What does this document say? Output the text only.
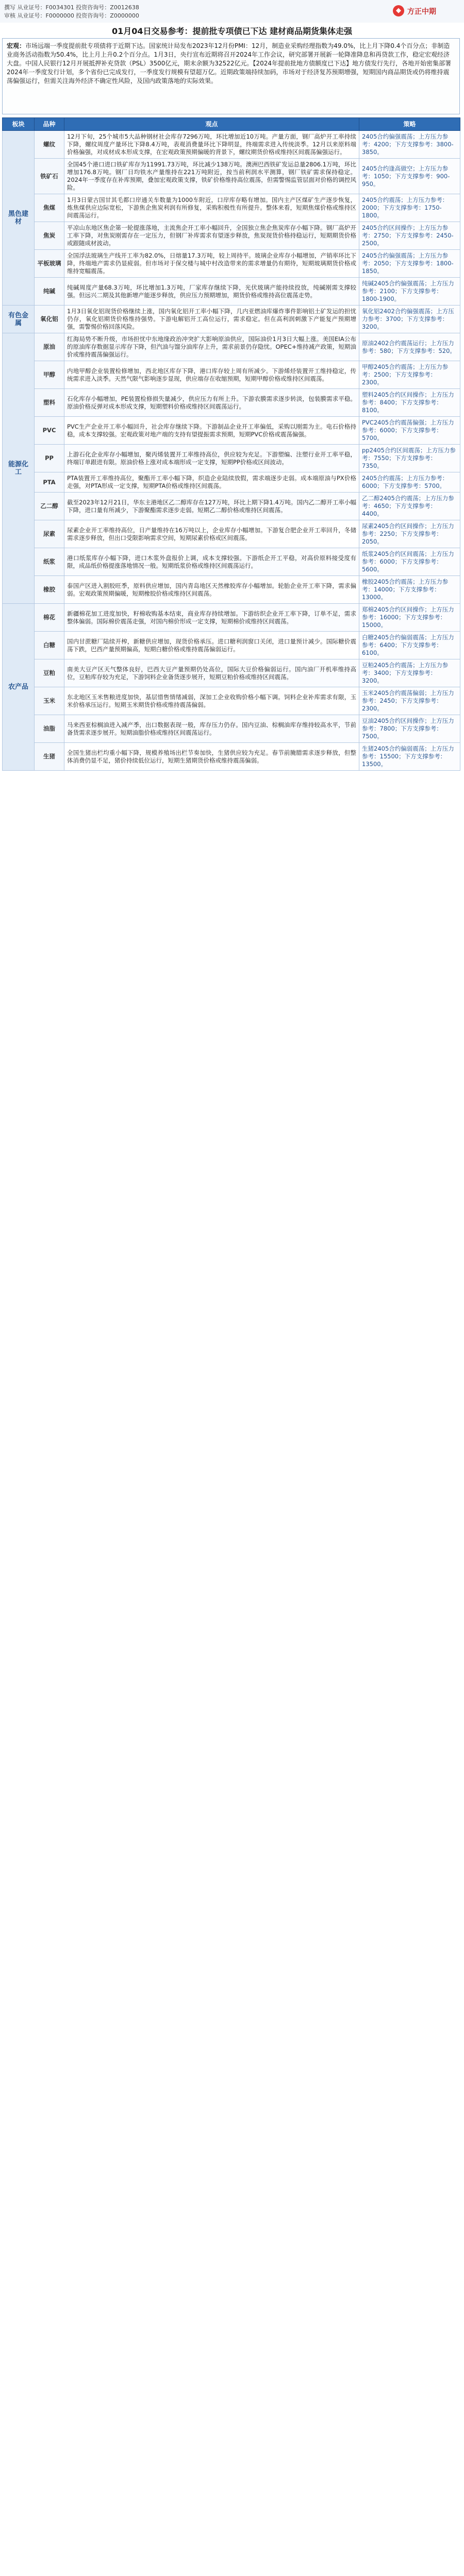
撰写 从业证号：F0034301 投资咨询号：Z0012638
审核 从业证号：F0000000 投资咨询号：Z0000000
◆ 方正中期
01月04日交易参考：提前批专项债已下达 建材商品期货集体走强
宏观：市场远端一季度提前批专项债将于近期下达。国家统计局发布2023年12月份PMI：12月，制造业采购经理指数为49.0%，比上月下降0.4个百分点；非制造业商务活动指数为50.4%，比上月上升0.2个百分点。1月3日，央行宣布近期将召开2024年工作会议，研究部署开展新一轮降准降息和再贷款工作，稳定宏观经济大盘。中国人民银行12月开展抵押补充贷款（PSL）3500亿元，期末余额为32522亿元。【2024年提前批地方债额度已下达】地方债发行先行，各地开始密集部署2024年一季度发行计划，多个省份已完成发行，一季度发行规模有望超万亿。近期政策端持续加码，市场对于经济复苏预期增强，短期国内商品期货或仍将维持震荡偏强运行，但需关注海外经济不确定性风险，及国内政策落地的实际效果。
板块	品种	观点	策略
黑色建材	螺纹	12月下旬，25个城市5大品种钢材社会库存7296万吨，环比增加近10万吨。产量方面，钢厂高炉开工率持续下降，螺纹周度产量环比下降8.4万吨，表观消费量环比下降明显，终端需求进入传统淡季。12月以来原料端价格偏强，对成材成本形成支撑，在宏观政策预期偏暖的背景下，螺纹期货价格或维持区间震荡偏强运行。	2405合约偏强震荡；上方压力参考：4200；下方支撑参考：3800-3850。
	铁矿石	全国45个港口进口铁矿库存为11991.73万吨，环比减少138万吨。澳洲巴西铁矿发运总量2806.1万吨，环比增加176.8万吨。钢厂日均铁水产量维持在221万吨附近，按当前利润水平测算，钢厂铁矿需求保持稳定。2024年一季度存在补库预期，叠加宏观政策支撑，铁矿价格维持高位震荡，但需警惕监管层面对价格的调控风险。	2405合约逢高做空；上方压力参考：1050；下方支撑参考：900-950。
	焦煤	1月3日蒙古国甘其毛都口岸通关车数量为1000车附近，口岸库存略有增加。国内主产区煤矿生产逐步恢复，炼焦煤供应边际宽松，下游焦企焦炭利润有所修复，采购积极性有所提升。整体来看，短期焦煤价格或维持区间震荡运行。	2405合约震荡；上方压力参考：2000；下方支撑参考：1750-1800。
	焦炭	平凉山东地区焦企第一轮提涨落地，主流焦企开工率小幅回升，全国独立焦企焦炭库存小幅下降。钢厂高炉开工率下降，对焦炭刚需存在一定压力，但钢厂补库需求有望逐步释放，焦炭现货价格持稳运行，短期期货价格或跟随成材波动。	2405合约区间操作；上方压力参考：2750；下方支撑参考：2450-2500。
	平板玻璃	全国浮法玻璃生产线开工率为82.0%，日熔量17.3万吨，较上周持平。玻璃企业库存小幅增加，产销率环比下降，终端地产需求仍显疲弱。但市场对于保交楼与城中村改造带来的需求增量仍有期待，短期玻璃期货价格或维持宽幅震荡。	2405合约偏强震荡；上方压力参考：2050；下方支撑参考：1800-1850。
	纯碱	纯碱周度产量68.3万吨，环比增加1.3万吨，厂家库存继续下降，光伏玻璃产能持续投放，纯碱刚需支撑较强。但远兴二期及其他新增产能逐步释放，供应压力预期增加，期货价格或维持高位震荡走势。	纯碱2405合约偏强震荡；上方压力参考：2100；下方支撑参考：1800-1900。
有色金属	氧化铝	1月3日氧化铝现货价格继续上涨，国内氧化铝开工率小幅下降，几内亚燃油库爆炸事件影响铝土矿发运的担忧仍存，氧化铝期货价格维持强势。下游电解铝开工高位运行，需求稳定。但在高利润刺激下产能复产预期增强，需警惕价格回落风险。	氧化铝2402合约偏强震荡；上方压力参考：3700；下方支撑参考：3200。
能源化工	原油	红海局势不断升级，市场担忧中东地缘政治冲突扩大影响原油供应，国际油价1月3日大幅上涨。美国EIA公布的原油库存数据显示库存下降，但汽油与馏分油库存上升，需求前景仍存隐忧。OPEC+维持减产政策，短期油价或维持震荡偏强运行。	原油2402合约震荡运行；上方压力参考：580；下方支撑参考：520。
	甲醇	内地甲醇企业装置检修增加，西北地区库存下降，港口库存较上周有所减少。下游烯烃装置开工维持稳定，传统需求进入淡季。天然气限气影响逐步显现，供应端存在收缩预期，短期甲醇价格或维持区间震荡。	甲醇2405合约震荡；上方压力参考：2500；下方支撑参考：2300。
	塑料	石化库存小幅增加，PE装置检修损失量减少，供应压力有所上升。下游农膜需求逐步转淡，包装膜需求平稳。原油价格反弹对成本形成支撑，短期塑料价格或维持区间震荡运行。	塑料2405合约区间操作；上方压力参考：8400；下方支撑参考：8100。
	PVC	PVC生产企业开工率小幅回升，社会库存继续下降。下游制品企业开工率偏低，采购以刚需为主。电石价格持稳，成本支撑较强。宏观政策对地产端的支持有望提振需求预期，短期PVC价格或震荡偏强。	PVC2405合约震荡偏强；上方压力参考：6000；下方支撑参考：5700。
	PP	上游石化企业库存小幅增加，聚丙烯装置开工率维持高位，供应较为充足。下游塑编、注塑行业开工率平稳，终端订单跟进有限。原油价格上涨对成本端形成一定支撑，短期PP价格或区间波动。	pp2405合约区间震荡；上方压力参考：7550；下方支撑参考：7350。
	PTA	PTA装置开工率维持高位，聚酯开工率小幅下降，织造企业陆续放假，需求端逐步走弱。成本端原油与PX价格走强，对PTA形成一定支撑，短期PTA价格或维持区间震荡。	2405合约震荡；上方压力参考：6000；下方支撑参考：5700。
	乙二醇	截至2023年12月21日，华东主港地区乙二醇库存在127万吨，环比上期下降1.4万吨。国内乙二醇开工率小幅下降，进口量有所减少，下游聚酯需求逐步走弱。短期乙二醇价格或维持区间震荡。	乙二醇2405合约震荡；上方压力参考：4650；下方支撑参考：4400。
	尿素	尿素企业开工率维持高位，日产量维持在16万吨以上，企业库存小幅增加。下游复合肥企业开工率回升，冬储需求逐步释放，但出口受限影响需求空间，短期尿素价格或区间震荡。	尿素2405合约区间操作；上方压力参考：2250；下方支撑参考：2050。
	纸浆	港口纸浆库存小幅下降，进口木浆外盘报价上调，成本支撑较强。下游纸企开工平稳，对高价原料接受度有限，成品纸价格提涨落地情况一般。短期纸浆价格或维持区间震荡运行。	纸浆2405合约区间震荡；上方压力参考：6000；下方支撑参考：5600。
	橡胶	泰国产区进入割胶旺季，原料供应增加，国内青岛地区天然橡胶库存小幅增加。轮胎企业开工率下降，需求偏弱。宏观政策预期偏暖，短期橡胶价格或维持区间震荡。	橡胶2405合约震荡；上方压力参考：14000；下方支撑参考：13000。
农产品	棉花	新疆棉花加工进度加快，籽棉收购基本结束，商业库存持续增加。下游纺织企业开工率下降，订单不足，需求整体偏弱。国际棉价震荡走强，对国内棉价形成一定支撑，短期棉价或维持区间震荡。	郑棉2405合约区间操作；上方压力参考：16000；下方支撑参考：15000。
	白糖	国内甘蔗糖厂陆续开榨，新糖供应增加，现货价格承压。进口糖利润窗口关闭，进口量预计减少。国际糖价震荡下跌，巴西产量预期偏高，短期白糖价格或维持震荡偏弱运行。	白糖2405合约偏弱震荡；上方压力参考：6400；下方支撑参考：6100。
	豆粕	南美大豆产区天气整体良好，巴西大豆产量预期仍处高位，国际大豆价格偏弱运行。国内油厂开机率维持高位，豆粕库存较为充足，下游饲料企业备货逐步展开，短期豆粕价格或维持区间震荡。	豆粕2405合约震荡；上方压力参考：3400；下方支撑参考：3200。
	玉米	东北地区玉米售粮进度加快，基层惜售情绪减弱，深加工企业收购价格小幅下调。饲料企业补库需求有限，玉米价格承压运行。短期玉米期货价格或维持震荡偏弱。	玉米2405合约震荡偏弱；上方压力参考：2450；下方支撑参考：2300。
	油脂	马来西亚棕榈油进入减产季，出口数据表现一般，库存压力仍存。国内豆油、棕榈油库存维持较高水平，节前备货需求逐步展开。短期油脂价格或维持区间震荡运行。	豆油2405合约区间操作；上方压力参考：7800；下方支撑参考：7500。
	生猪	全国生猪出栏均重小幅下降，规模养殖场出栏节奏加快，生猪供应较为充足。春节前腌腊需求逐步释放，但整体消费仍显不足，猪价持续低位运行，短期生猪期货价格或维持震荡偏弱。	生猪2405合约偏弱震荡；上方压力参考：15500；下方支撑参考：13500。
